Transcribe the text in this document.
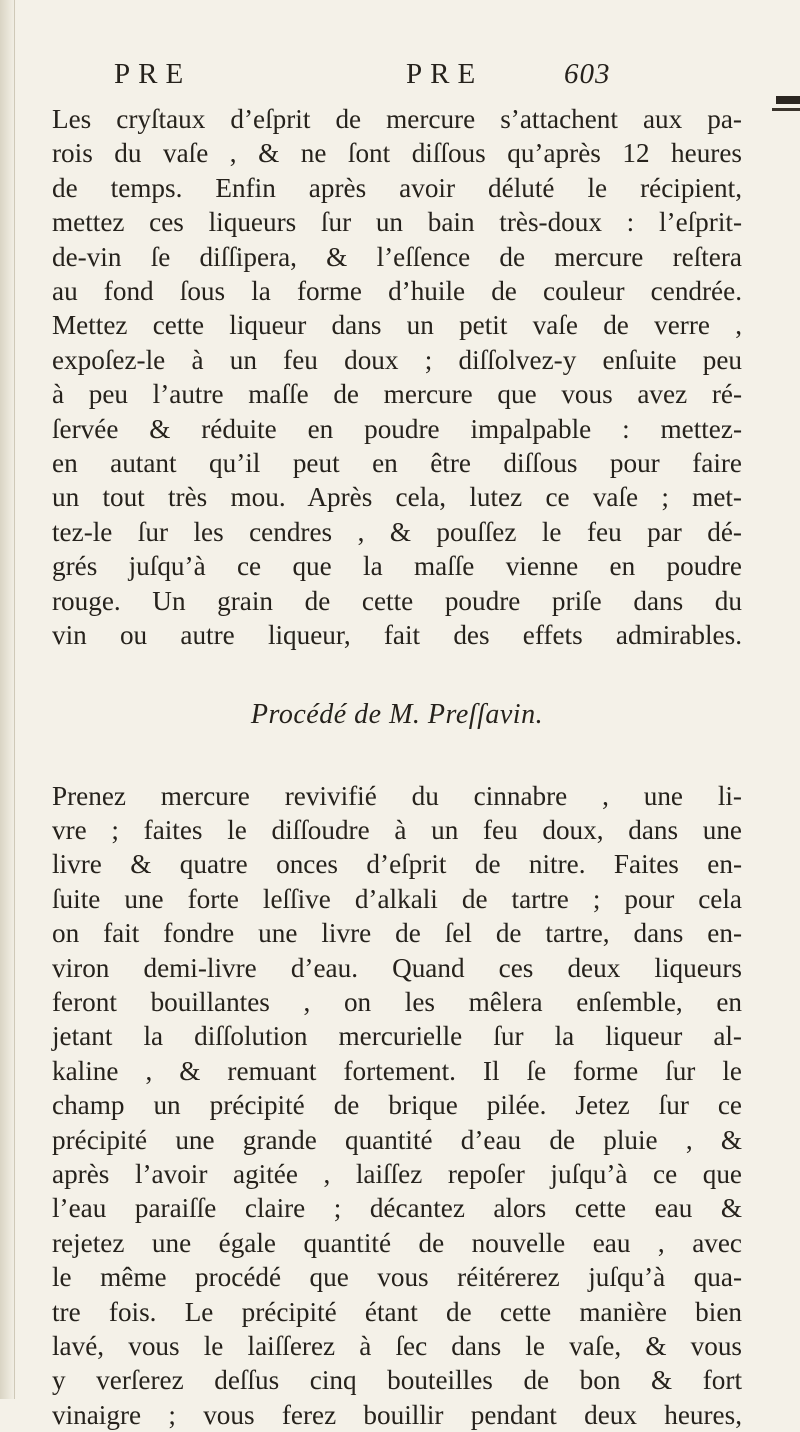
PRE	PRE	603

Les cryſtaux d’eſprit de mercure s’attachent aux pa-
rois du vaſe , & ne ſont diſſous qu’après 12 heures
de temps. Enfin après avoir déluté le récipient,
mettez ces liqueurs ſur un bain très-doux : l’eſprit-
de-vin ſe diſſipera, & l’eſſence de mercure reſtera
au fond ſous la forme d’huile de couleur cendrée.
Mettez cette liqueur dans un petit vaſe de verre ,
expoſez-le à un feu doux ; diſſolvez-y enſuite peu
à peu l’autre maſſe de mercure que vous avez ré-
ſervée & réduite en poudre impalpable : mettez-
en autant qu’il peut en être diſſous pour faire
un tout très mou. Après cela, lutez ce vaſe ; met-
tez-le ſur les cendres , & pouſſez le feu par dé-
grés juſqu’à ce que la maſſe vienne en poudre
rouge. Un grain de cette poudre priſe dans du
vin ou autre liqueur, fait des effets admirables.

Procédé de M. Preſſavin.

Prenez mercure revivifié du cinnabre , une li-
vre ; faites le diſſoudre à un feu doux, dans une
livre & quatre onces d’eſprit de nitre. Faites en-
ſuite une forte leſſive d’alkali de tartre ; pour cela
on fait fondre une livre de ſel de tartre, dans en-
viron demi-livre d’eau. Quand ces deux liqueurs
feront bouillantes , on les mêlera enſemble, en
jetant la diſſolution mercurielle ſur la liqueur al-
kaline , & remuant fortement. Il ſe forme ſur le
champ un précipité de brique pilée. Jetez ſur ce
précipité une grande quantité d’eau de pluie , &
après l’avoir agitée , laiſſez repoſer juſqu’à ce que
l’eau paraiſſe claire ; décantez alors cette eau &
rejetez une égale quantité de nouvelle eau , avec
le même procédé que vous réitérerez juſqu’à qua-
tre fois. Le précipité étant de cette manière bien
lavé, vous le laiſſerez à ſec dans le vaſe, & vous
y verſerez deſſus cinq bouteilles de bon & fort
vinaigre ; vous ferez bouillir pendant deux heures,
